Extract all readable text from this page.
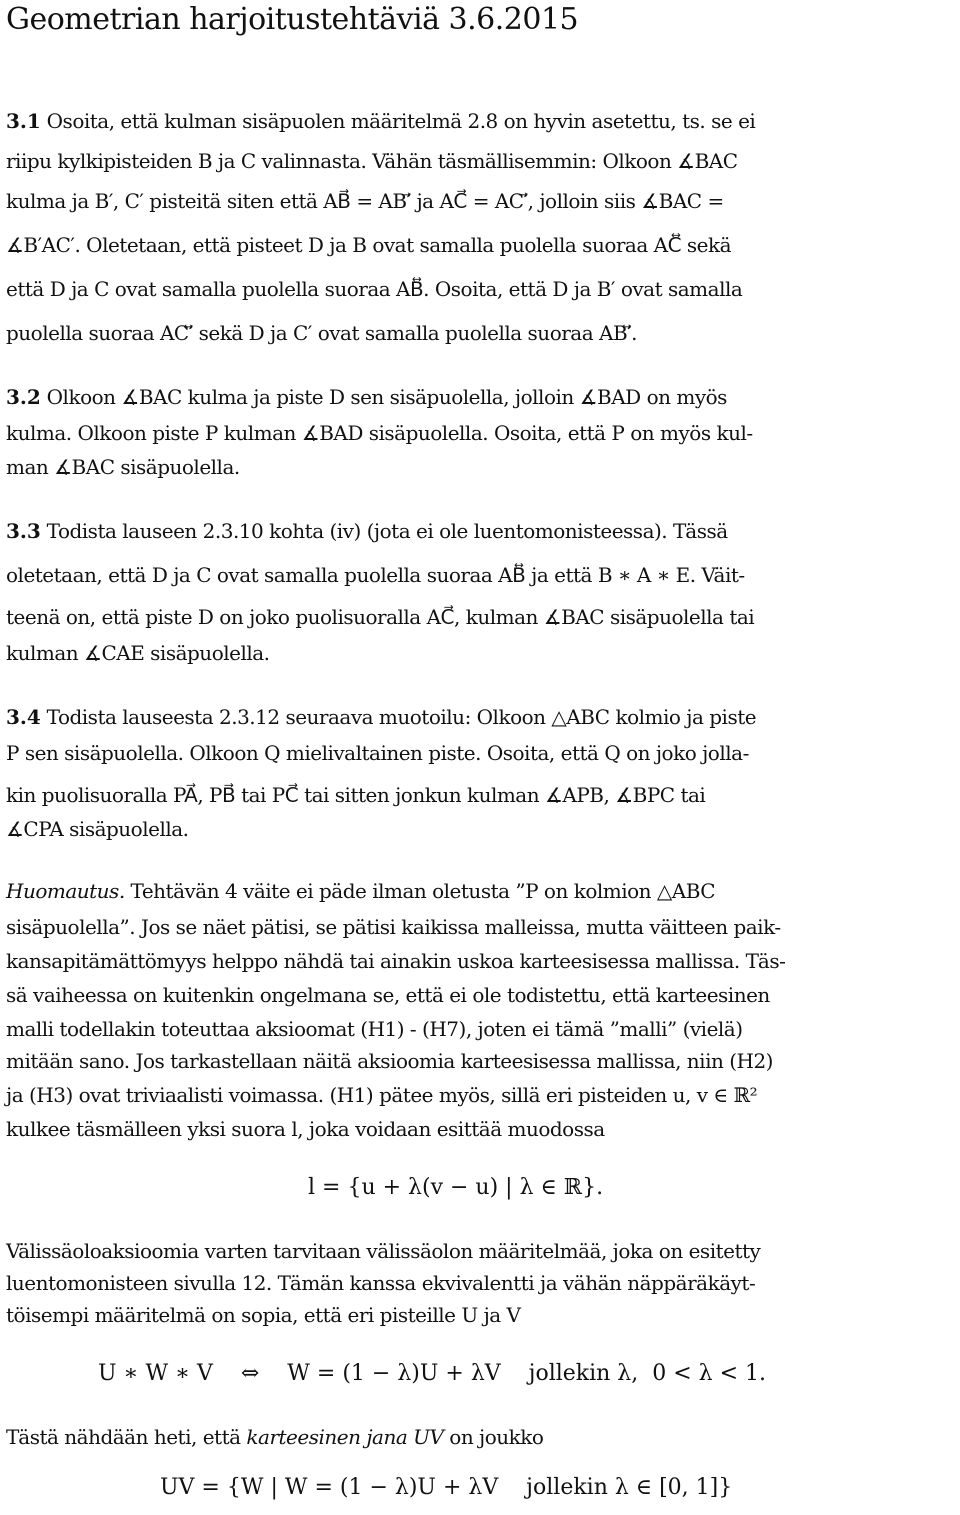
Geometrian harjoitustehtäviä 3.6.2015

3.1 Osoita, että kulman sisäpuolen määritelmä 2.8 on hyvin asetettu, ts. se ei

riipu kylkipisteiden B ja C valinnasta. Vähän täsmällisemmin: Olkoon ∡BAC

kulma ja B′, C′ pisteitä siten että AB⃗ = AB′⃗ ja AC⃗ = AC′⃗, jolloin siis ∡BAC =

∡B′AC′. Oletetaan, että pisteet D ja B ovat samalla puolella suoraa AC⃡ sekä

että D ja C ovat samalla puolella suoraa AB⃡. Osoita, että D ja B′ ovat samalla

puolella suoraa AC′⃡ sekä D ja C′ ovat samalla puolella suoraa AB′⃡.

3.2 Olkoon ∡BAC kulma ja piste D sen sisäpuolella, jolloin ∡BAD on myös

kulma. Olkoon piste P kulman ∡BAD sisäpuolella. Osoita, että P on myös kul-

man ∡BAC sisäpuolella.

3.3 Todista lauseen 2.3.10 kohta (iv) (jota ei ole luentomonisteessa). Tässä

oletetaan, että D ja C ovat samalla puolella suoraa AB⃡ ja että B ∗ A ∗ E. Väit-

teenä on, että piste D on joko puolisuoralla AC⃗, kulman ∡BAC sisäpuolella tai

kulman ∡CAE sisäpuolella.

3.4 Todista lauseesta 2.3.12 seuraava muotoilu: Olkoon △ABC kolmio ja piste

P sen sisäpuolella. Olkoon Q mielivaltainen piste. Osoita, että Q on joko jolla-

kin puolisuoralla PA⃗, PB⃗ tai PC⃗ tai sitten jonkun kulman ∡APB, ∡BPC tai

∡CPA sisäpuolella.

Huomautus. Tehtävän 4 väite ei päde ilman oletusta ”P on kolmion △ABC

sisäpuolella”. Jos se näet pätisi, se pätisi kaikissa malleissa, mutta väitteen paik-

kansapitämättömyys helppo nähdä tai ainakin uskoa karteesisessa mallissa. Täs-

sä vaiheessa on kuitenkin ongelmana se, että ei ole todistettu, että karteesinen

malli todellakin toteuttaa aksioomat (H1) - (H7), joten ei tämä ”malli” (vielä)

mitään sano. Jos tarkastellaan näitä aksioomia karteesisessa mallissa, niin (H2)

ja (H3) ovat triviaalisti voimassa. (H1) pätee myös, sillä eri pisteiden u, v ∈ ℝ²

kulkee täsmälleen yksi suora l, joka voidaan esittää muodossa

l = {u + λ(v − u) | λ ∈ ℝ}.

Välissäoloaksioomia varten tarvitaan välissäolon määritelmää, joka on esitetty

luentomonisteen sivulla 12. Tämän kanssa ekvivalentti ja vähän näppäräkäyt-

töisempi määritelmä on sopia, että eri pisteille U ja V

U ∗ W ∗ V    ⇔    W = (1 − λ)U + λV    jollekin λ,  0 < λ < 1.

Tästä nähdään heti, että karteesinen jana UV on joukko

UV = {W | W = (1 − λ)U + λV    jollekin λ ∈ [0, 1]}
